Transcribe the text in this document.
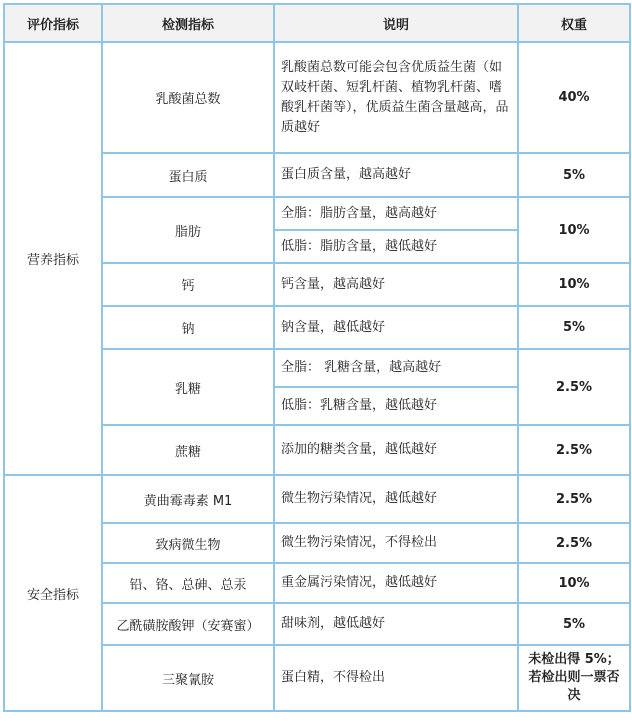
评价指标	检测指标	说明	权重
营养指标	乳酸菌总数	乳酸菌总数可能会包含优质益生菌（如双岐杆菌、短乳杆菌、植物乳杆菌、嗜酸乳杆菌等），优质益生菌含量越高，品质越好	40%
	蛋白质	蛋白质含量，越高越好	5%
	脂肪	全脂：脂肪含量，越高越好	10%
		低脂：脂肪含量，越低越好	
	钙	钙含量，越高越好	10%
	钠	钠含量，越低越好	5%
	乳糖	全脂： 乳糖含量，越高越好	2.5%
		低脂：乳糖含量，越低越好	
	蔗糖	添加的糖类含量，越低越好	2.5%
安全指标	黄曲霉毒素 M1	微生物污染情况，越低越好	2.5%
	致病微生物	微生物污染情况，不得检出	2.5%
	铅、铬、总砷、总汞	重金属污染情况，越低越好	10%
	乙酰磺胺酸钾（安赛蜜）	甜味剂，越低越好	5%
	三聚氰胺	蛋白精，不得检出	未检出得 5%；若检出则一票否决
